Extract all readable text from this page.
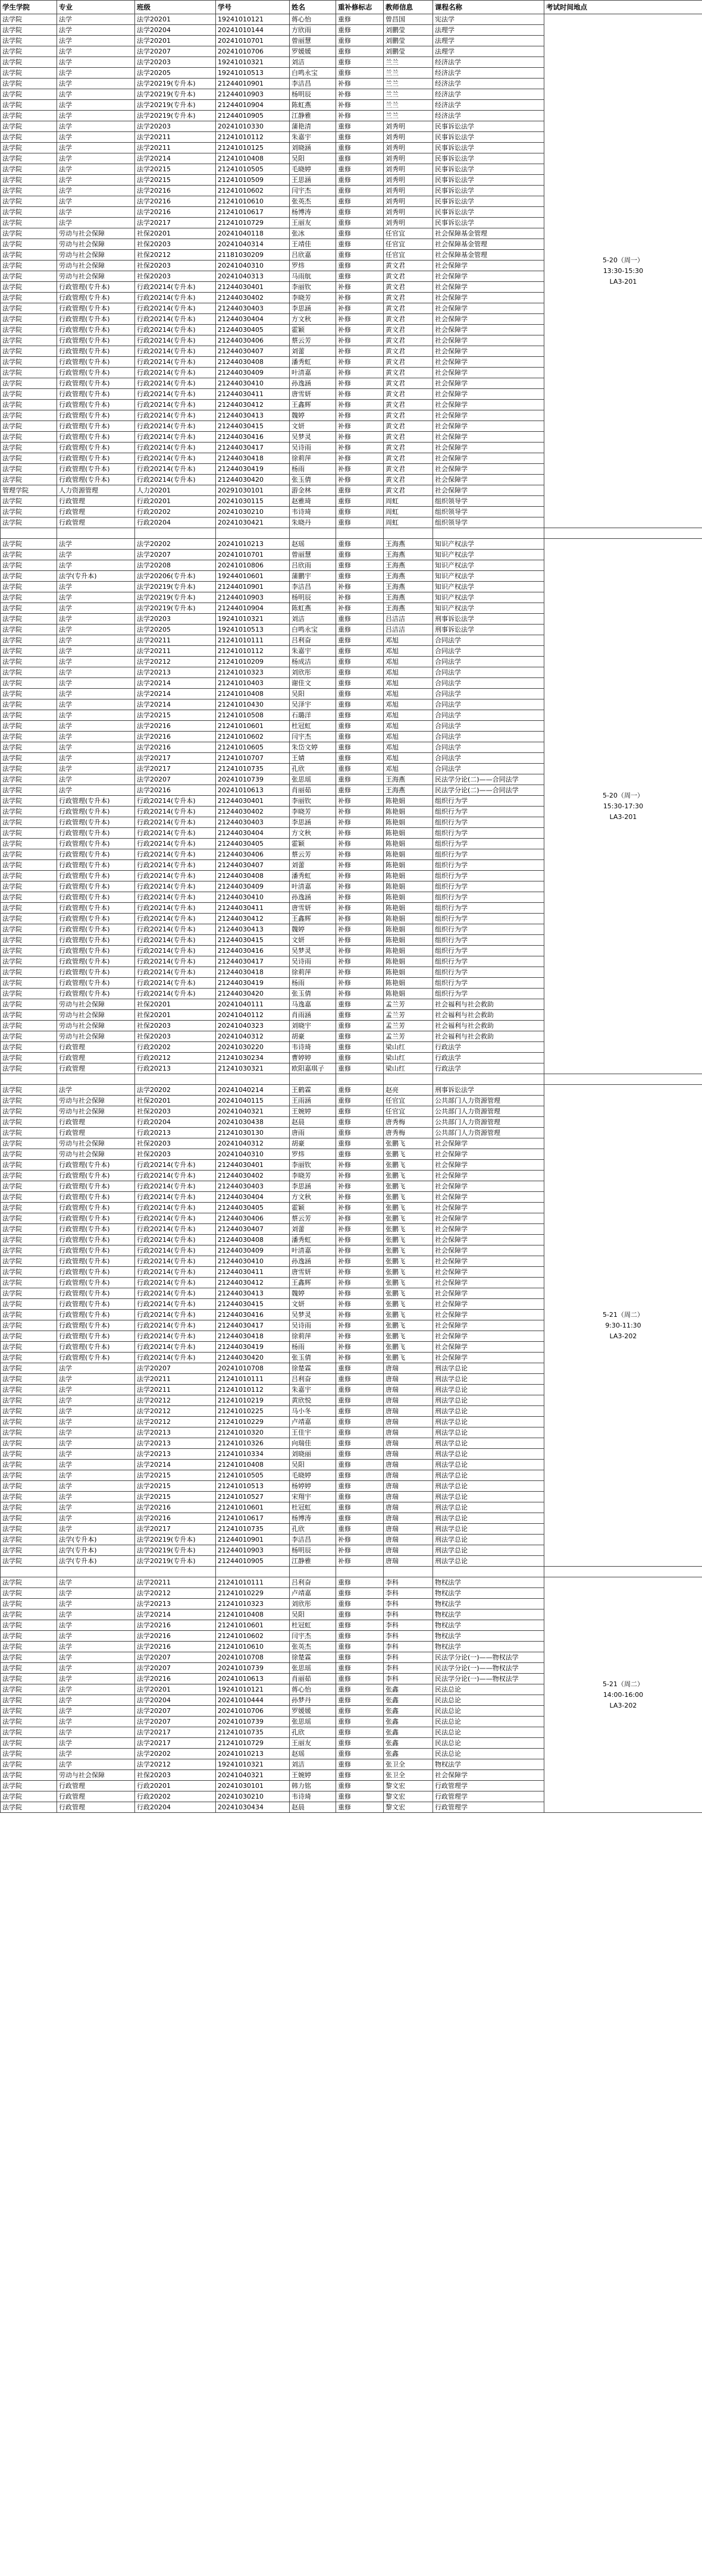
学生学院	专业	班级	学号	姓名	重补修标志	教师信息	课程名称	考试时间地点
法学院	法学	法学20201	19241010121	蒋心怡	重修	曾昌国	宪法学	5-20（周一）
13:30-15:30
LA3-201
法学院	法学	法学20204	20241010144	方欣雨	重修	刘鹏莹	法理学	
法学院	法学	法学20201	20241010701	曾丽慧	重修	刘鹏莹	法理学	
法学院	法学	法学20207	20241010706	罗媛媛	重修	刘鹏莹	法理学	
法学院	法学	法学20203	19241010321	刘洁	重修	兰兰	经济法学	
法学院	法学	法学20205	19241010513	白鸣永宝	重修	兰兰	经济法学	
法学院	法学	法学20219(专升本)	21244010901	李洁昌	补修	兰兰	经济法学	
法学院	法学	法学20219(专升本)	21244010903	杨明辰	补修	兰兰	经济法学	
法学院	法学	法学20219(专升本)	21244010904	陈虹燕	补修	兰兰	经济法学	
法学院	法学	法学20219(专升本)	21244010905	江静雅	补修	兰兰	经济法学	
法学院	法学	法学20203	20241010330	蒲艳清	重修	刘秀明	民事诉讼法学	
法学院	法学	法学20211	21241010112	朱嘉宇	重修	刘秀明	民事诉讼法学	
法学院	法学	法学20211	21241010125	刘晓涵	重修	刘秀明	民事诉讼法学	
法学院	法学	法学20214	21241010408	吴阳	重修	刘秀明	民事诉讼法学	
法学院	法学	法学20215	21241010505	毛晓婷	重修	刘秀明	民事诉讼法学	
法学院	法学	法学20215	21241010509	王思涵	重修	刘秀明	民事诉讼法学	
法学院	法学	法学20216	21241010602	闫宇杰	重修	刘秀明	民事诉讼法学	
法学院	法学	法学20216	21241010610	张英杰	重修	刘秀明	民事诉讼法学	
法学院	法学	法学20216	21241010617	杨博涛	重修	刘秀明	民事诉讼法学	
法学院	法学	法学20217	21241010729	王丽友	重修	刘秀明	民事诉讼法学	
法学院	劳动与社会保障	社保20201	20241040118	张冰	重修	任官宜	社会保障基金管理	
法学院	劳动与社会保障	社保20203	20241040314	王靖佳	重修	任官宜	社会保障基金管理	
法学院	劳动与社会保障	社保20212	21181030209	吕欣嘉	重修	任官宜	社会保障基金管理	
法学院	劳动与社会保障	社保20203	20241040310	罗炜	重修	黄文君	社会保障学	
法学院	劳动与社会保障	社保20203	20241040313	马雨航	重修	黄文君	社会保障学	
法学院	行政管理(专升本)	行政20214(专升本)	21244030401	李丽钦	补修	黄文君	社会保障学	
法学院	行政管理(专升本)	行政20214(专升本)	21244030402	李晓芳	补修	黄文君	社会保障学	
法学院	行政管理(专升本)	行政20214(专升本)	21244030403	李思涵	补修	黄文君	社会保障学	
法学院	行政管理(专升本)	行政20214(专升本)	21244030404	方文秋	补修	黄文君	社会保障学	
法学院	行政管理(专升本)	行政20214(专升本)	21244030405	霍颖	补修	黄文君	社会保障学	
法学院	行政管理(专升本)	行政20214(专升本)	21244030406	蔡云芳	补修	黄文君	社会保障学	
法学院	行政管理(专升本)	行政20214(专升本)	21244030407	刘蕾	补修	黄文君	社会保障学	
法学院	行政管理(专升本)	行政20214(专升本)	21244030408	潘秀虹	补修	黄文君	社会保障学	
法学院	行政管理(专升本)	行政20214(专升本)	21244030409	叶清嘉	补修	黄文君	社会保障学	
法学院	行政管理(专升本)	行政20214(专升本)	21244030410	孙逸涵	补修	黄文君	社会保障学	
法学院	行政管理(专升本)	行政20214(专升本)	21244030411	唐雪妍	补修	黄文君	社会保障学	
法学院	行政管理(专升本)	行政20214(专升本)	21244030412	王鑫辉	补修	黄文君	社会保障学	
法学院	行政管理(专升本)	行政20214(专升本)	21244030413	魏婷	补修	黄文君	社会保障学	
法学院	行政管理(专升本)	行政20214(专升本)	21244030415	文妍	补修	黄文君	社会保障学	
法学院	行政管理(专升本)	行政20214(专升本)	21244030416	吴梦灵	补修	黄文君	社会保障学	
法学院	行政管理(专升本)	行政20214(专升本)	21244030417	吴诗雨	补修	黄文君	社会保障学	
法学院	行政管理(专升本)	行政20214(专升本)	21244030418	徐莉萍	补修	黄文君	社会保障学	
法学院	行政管理(专升本)	行政20214(专升本)	21244030419	杨雨	补修	黄文君	社会保障学	
法学院	行政管理(专升本)	行政20214(专升本)	21244030420	张玉倩	补修	黄文君	社会保障学	
管理学院	人力资源管理	人力20201	20291030101	游金林	重修	黄文君	社会保障学	
法学院	行政管理	行政20201	20241030115	赵雅琦	重修	周虹	组织领导学	
法学院	行政管理	行政20202	20241030210	韦诗琦	重修	周虹	组织领导学	
法学院	行政管理	行政20204	20241030421	朱晓丹	重修	周虹	组织领导学	

法学院	法学	法学20202	20241010213	赵瑶	重修	王海燕	知识产权法学	5-20（周一）
15:30-17:30
LA3-201
法学院	法学	法学20207	20241010701	曾丽慧	重修	王海燕	知识产权法学	
法学院	法学	法学20208	20241010806	吕欣雨	重修	王海燕	知识产权法学	
法学院	法学(专升本)	法学20206(专升本)	19244010601	蒲鹏宇	重修	王海燕	知识产权法学	
法学院	法学	法学20219(专升本)	21244010901	李洁昌	补修	王海燕	知识产权法学	
法学院	法学	法学20219(专升本)	21244010903	杨明辰	补修	王海燕	知识产权法学	
法学院	法学	法学20219(专升本)	21244010904	陈虹燕	补修	王海燕	知识产权法学	
法学院	法学	法学20203	19241010321	刘洁	重修	吕洁洁	刑事诉讼法学	
法学院	法学	法学20205	19241010513	白鸣永宝	重修	吕洁洁	刑事诉讼法学	
法学院	法学	法学20211	21241010111	吕利奋	重修	邓旭	合同法学	
法学院	法学	法学20211	21241010112	朱嘉宇	重修	邓旭	合同法学	
法学院	法学	法学20212	21241010209	杨成洁	重修	邓旭	合同法学	
法学院	法学	法学20213	21241010323	刘欣彤	重修	邓旭	合同法学	
法学院	法学	法学20214	21241010403	谢佳文	重修	邓旭	合同法学	
法学院	法学	法学20214	21241010408	吴阳	重修	邓旭	合同法学	
法学院	法学	法学20214	21241010430	吴泽宇	重修	邓旭	合同法学	
法学院	法学	法学20215	21241010508	石璐洋	重修	邓旭	合同法学	
法学院	法学	法学20216	21241010601	杜冠虹	重修	邓旭	合同法学	
法学院	法学	法学20216	21241010602	闫宇杰	重修	邓旭	合同法学	
法学院	法学	法学20216	21241010605	朱岱文婷	重修	邓旭	合同法学	
法学院	法学	法学20217	21241010707	王婧	重修	邓旭	合同法学	
法学院	法学	法学20217	21241010735	孔欣	重修	邓旭	合同法学	
法学院	法学	法学20207	20241010739	张思瑶	重修	王海燕	民法学分论(二)——合同法学	
法学院	法学	法学20216	20241010613	肖丽茹	重修	王海燕	民法学分论(二)——合同法学	
法学院	行政管理(专升本)	行政20214(专升本)	21244030401	李丽钦	补修	陈艳娟	组织行为学	
法学院	行政管理(专升本)	行政20214(专升本)	21244030402	李晓芳	补修	陈艳娟	组织行为学	
法学院	行政管理(专升本)	行政20214(专升本)	21244030403	李思涵	补修	陈艳娟	组织行为学	
法学院	行政管理(专升本)	行政20214(专升本)	21244030404	方文秋	补修	陈艳娟	组织行为学	
法学院	行政管理(专升本)	行政20214(专升本)	21244030405	霍颖	补修	陈艳娟	组织行为学	
法学院	行政管理(专升本)	行政20214(专升本)	21244030406	蔡云芳	补修	陈艳娟	组织行为学	
法学院	行政管理(专升本)	行政20214(专升本)	21244030407	刘蕾	补修	陈艳娟	组织行为学	
法学院	行政管理(专升本)	行政20214(专升本)	21244030408	潘秀虹	补修	陈艳娟	组织行为学	
法学院	行政管理(专升本)	行政20214(专升本)	21244030409	叶清嘉	补修	陈艳娟	组织行为学	
法学院	行政管理(专升本)	行政20214(专升本)	21244030410	孙逸涵	补修	陈艳娟	组织行为学	
法学院	行政管理(专升本)	行政20214(专升本)	21244030411	唐雪妍	补修	陈艳娟	组织行为学	
法学院	行政管理(专升本)	行政20214(专升本)	21244030412	王鑫辉	补修	陈艳娟	组织行为学	
法学院	行政管理(专升本)	行政20214(专升本)	21244030413	魏婷	补修	陈艳娟	组织行为学	
法学院	行政管理(专升本)	行政20214(专升本)	21244030415	文妍	补修	陈艳娟	组织行为学	
法学院	行政管理(专升本)	行政20214(专升本)	21244030416	吴梦灵	补修	陈艳娟	组织行为学	
法学院	行政管理(专升本)	行政20214(专升本)	21244030417	吴诗雨	补修	陈艳娟	组织行为学	
法学院	行政管理(专升本)	行政20214(专升本)	21244030418	徐莉萍	补修	陈艳娟	组织行为学	
法学院	行政管理(专升本)	行政20214(专升本)	21244030419	杨雨	补修	陈艳娟	组织行为学	
法学院	行政管理(专升本)	行政20214(专升本)	21244030420	张玉倩	补修	陈艳娟	组织行为学	
法学院	劳动与社会保障	社保20201	20241040111	马逸嘉	重修	孟兰芳	社会福利与社会救助	
法学院	劳动与社会保障	社保20201	20241040112	肖雨涵	重修	孟兰芳	社会福利与社会救助	
法学院	劳动与社会保障	社保20203	20241040323	刘晓宇	重修	孟兰芳	社会福利与社会救助	
法学院	劳动与社会保障	社保20203	20241040312	胡豪	重修	孟兰芳	社会福利与社会救助	
法学院	行政管理	行政20202	20241030220	韦诗琦	重修	梁山红	行政法学	
法学院	行政管理	行政20212	21241030234	曹婷婷	重修	梁山红	行政法学	
法学院	行政管理	行政20213	21241030321	欧阳嘉琪子	重修	梁山红	行政法学	

法学院	法学	法学20202	20241040214	王鹤霖	重修	赵亮	刑事诉讼法学	5-21（周二）
9:30-11:30
LA3-202
法学院	劳动与社会保障	社保20201	20241040115	王雨涵	重修	任官宜	公共部门人力资源管理	
法学院	劳动与社会保障	社保20203	20241040321	王婉婷	重修	任官宜	公共部门人力资源管理	
法学院	行政管理	行政20204	20241030438	赵晨	重修	唐秀梅	公共部门人力资源管理	
法学院	行政管理	行政20213	21241030130	唐雨	重修	唐秀梅	公共部门人力资源管理	
法学院	劳动与社会保障	社保20203	20241040312	胡豪	重修	张鹏飞	社会保障学	
法学院	劳动与社会保障	社保20203	20241040310	罗炜	重修	张鹏飞	社会保障学	
法学院	行政管理(专升本)	行政20214(专升本)	21244030401	李丽钦	补修	张鹏飞	社会保障学	
法学院	行政管理(专升本)	行政20214(专升本)	21244030402	李晓芳	补修	张鹏飞	社会保障学	
法学院	行政管理(专升本)	行政20214(专升本)	21244030403	李思涵	补修	张鹏飞	社会保障学	
法学院	行政管理(专升本)	行政20214(专升本)	21244030404	方文秋	补修	张鹏飞	社会保障学	
法学院	行政管理(专升本)	行政20214(专升本)	21244030405	霍颖	补修	张鹏飞	社会保障学	
法学院	行政管理(专升本)	行政20214(专升本)	21244030406	蔡云芳	补修	张鹏飞	社会保障学	
法学院	行政管理(专升本)	行政20214(专升本)	21244030407	刘蕾	补修	张鹏飞	社会保障学	
法学院	行政管理(专升本)	行政20214(专升本)	21244030408	潘秀虹	补修	张鹏飞	社会保障学	
法学院	行政管理(专升本)	行政20214(专升本)	21244030409	叶清嘉	补修	张鹏飞	社会保障学	
法学院	行政管理(专升本)	行政20214(专升本)	21244030410	孙逸涵	补修	张鹏飞	社会保障学	
法学院	行政管理(专升本)	行政20214(专升本)	21244030411	唐雪妍	补修	张鹏飞	社会保障学	
法学院	行政管理(专升本)	行政20214(专升本)	21244030412	王鑫辉	补修	张鹏飞	社会保障学	
法学院	行政管理(专升本)	行政20214(专升本)	21244030413	魏婷	补修	张鹏飞	社会保障学	
法学院	行政管理(专升本)	行政20214(专升本)	21244030415	文妍	补修	张鹏飞	社会保障学	
法学院	行政管理(专升本)	行政20214(专升本)	21244030416	吴梦灵	补修	张鹏飞	社会保障学	
法学院	行政管理(专升本)	行政20214(专升本)	21244030417	吴诗雨	补修	张鹏飞	社会保障学	
法学院	行政管理(专升本)	行政20214(专升本)	21244030418	徐莉萍	补修	张鹏飞	社会保障学	
法学院	行政管理(专升本)	行政20214(专升本)	21244030419	杨雨	补修	张鹏飞	社会保障学	
法学院	行政管理(专升本)	行政20214(专升本)	21244030420	张玉倩	补修	张鹏飞	社会保障学	
法学院	法学	法学20207	20241010708	徐楚霖	重修	唐瑞	刑法学总论	
法学院	法学	法学20211	21241010111	吕利奋	重修	唐瑞	刑法学总论	
法学院	法学	法学20211	21241010112	朱嘉宇	重修	唐瑞	刑法学总论	
法学院	法学	法学20212	21241010219	黄欣悦	重修	唐瑞	刑法学总论	
法学院	法学	法学20212	21241010225	马小冬	重修	唐瑞	刑法学总论	
法学院	法学	法学20212	21241010229	卢靖嘉	重修	唐瑞	刑法学总论	
法学院	法学	法学20213	21241010320	王佳宇	重修	唐瑞	刑法学总论	
法学院	法学	法学20213	21241010326	向瑞佳	重修	唐瑞	刑法学总论	
法学院	法学	法学20213	21241010334	刘晓丽	重修	唐瑞	刑法学总论	
法学院	法学	法学20214	21241010408	吴阳	重修	唐瑞	刑法学总论	
法学院	法学	法学20215	21241010505	毛晓婷	重修	唐瑞	刑法学总论	
法学院	法学	法学20215	21241010513	杨婷婷	重修	唐瑞	刑法学总论	
法学院	法学	法学20215	21241010527	宋翔宇	重修	唐瑞	刑法学总论	
法学院	法学	法学20216	21241010601	杜冠虹	重修	唐瑞	刑法学总论	
法学院	法学	法学20216	21241010617	杨博涛	重修	唐瑞	刑法学总论	
法学院	法学	法学20217	21241010735	孔欣	重修	唐瑞	刑法学总论	
法学院	法学(专升本)	法学20219(专升本)	21244010901	李洁昌	补修	唐瑞	刑法学总论	
法学院	法学(专升本)	法学20219(专升本)	21244010903	杨明辰	补修	唐瑞	刑法学总论	
法学院	法学(专升本)	法学20219(专升本)	21244010905	江静雅	补修	唐瑞	刑法学总论	

法学院	法学	法学20211	21241010111	吕利奋	重修	李科	物权法学	5-21（周二）
14:00-16:00
LA3-202
法学院	法学	法学20212	21241010229	卢靖嘉	重修	李科	物权法学	
法学院	法学	法学20213	21241010323	刘欣彤	重修	李科	物权法学	
法学院	法学	法学20214	21241010408	吴阳	重修	李科	物权法学	
法学院	法学	法学20216	21241010601	杜冠虹	重修	李科	物权法学	
法学院	法学	法学20216	21241010602	闫宇杰	重修	李科	物权法学	
法学院	法学	法学20216	21241010610	张英杰	重修	李科	物权法学	
法学院	法学	法学20207	20241010708	徐楚霖	重修	李科	民法学分论(一)——物权法学	
法学院	法学	法学20207	20241010739	张思瑶	重修	李科	民法学分论(一)——物权法学	
法学院	法学	法学20216	20241010613	肖丽茹	重修	李科	民法学分论(一)——物权法学	
法学院	法学	法学20201	19241010121	蒋心怡	重修	张鑫	民法总论	
法学院	法学	法学20204	20241010444	孙梦丹	重修	张鑫	民法总论	
法学院	法学	法学20207	20241010706	罗媛媛	重修	张鑫	民法总论	
法学院	法学	法学20207	20241010739	张思瑶	重修	张鑫	民法总论	
法学院	法学	法学20217	21241010735	孔欣	重修	张鑫	民法总论	
法学院	法学	法学20217	21241010729	王丽友	重修	张鑫	民法总论	
法学院	法学	法学20202	20241010213	赵瑶	重修	张鑫	民法总论	
法学院	法学	法学20212	19241010321	刘洁	重修	张卫全	物权法学	
法学院	劳动与社会保障	社保20203	20241040321	王婉婷	重修	张卫全	社会保障学	
法学院	行政管理	行政20201	20241030101	韩力铭	重修	黎文宏	行政管理学	
法学院	行政管理	行政20202	20241030210	韦诗琦	重修	黎文宏	行政管理学	
法学院	行政管理	行政20204	20241030434	赵晨	重修	黎文宏	行政管理学	
